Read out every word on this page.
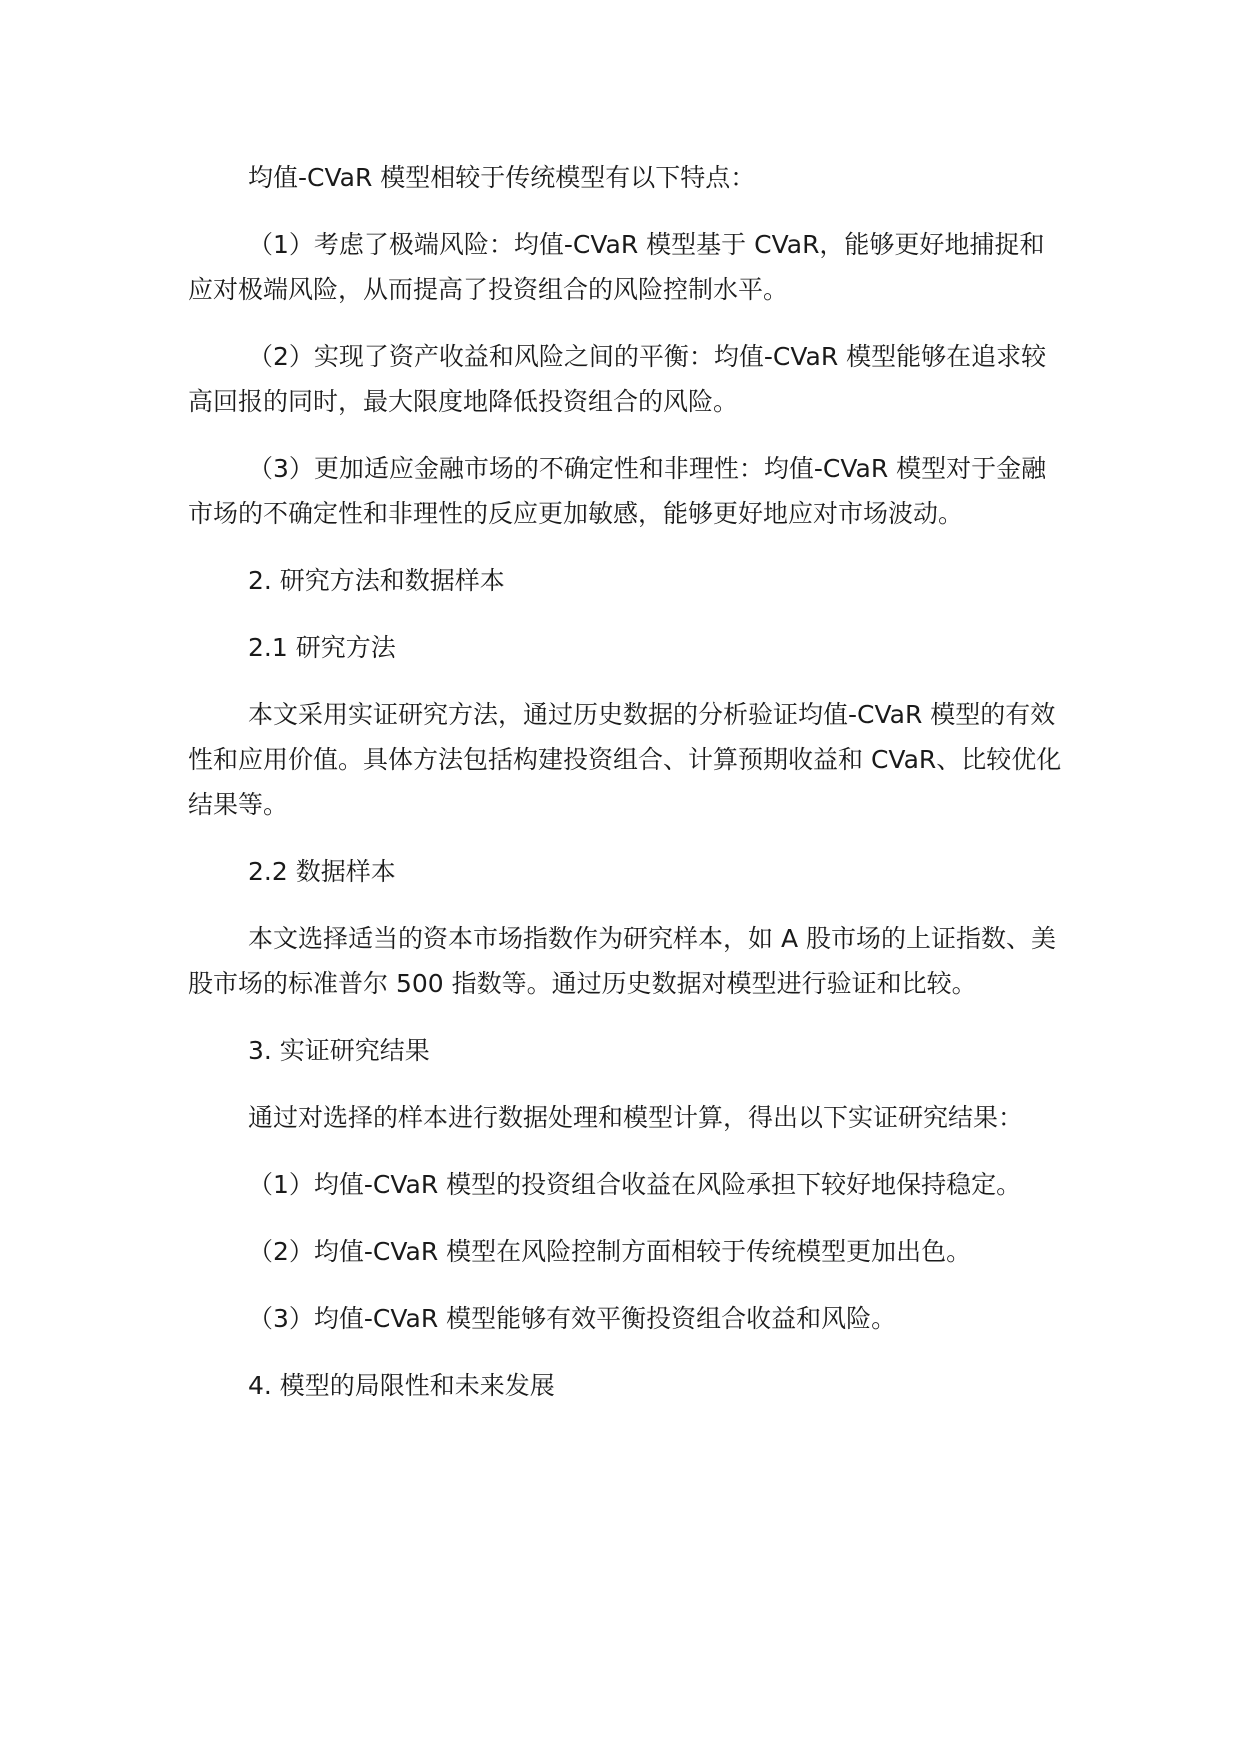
均值-CVaR 模型相较于传统模型有以下特点：

（1）考虑了极端风险：均值-CVaR 模型基于 CVaR，能够更好地捕捉和应对极端风险，从而提高了投资组合的风险控制水平。

（2）实现了资产收益和风险之间的平衡：均值-CVaR 模型能够在追求较高回报的同时，最大限度地降低投资组合的风险。

（3）更加适应金融市场的不确定性和非理性：均值-CVaR 模型对于金融市场的不确定性和非理性的反应更加敏感，能够更好地应对市场波动。

2. 研究方法和数据样本

2.1 研究方法

本文采用实证研究方法，通过历史数据的分析验证均值-CVaR 模型的有效性和应用价值。具体方法包括构建投资组合、计算预期收益和 CVaR、比较优化结果等。

2.2 数据样本

本文选择适当的资本市场指数作为研究样本，如 A 股市场的上证指数、美股市场的标准普尔 500 指数等。通过历史数据对模型进行验证和比较。

3. 实证研究结果

通过对选择的样本进行数据处理和模型计算，得出以下实证研究结果：

（1）均值-CVaR 模型的投资组合收益在风险承担下较好地保持稳定。

（2）均值-CVaR 模型在风险控制方面相较于传统模型更加出色。

（3）均值-CVaR 模型能够有效平衡投资组合收益和风险。

4. 模型的局限性和未来发展
